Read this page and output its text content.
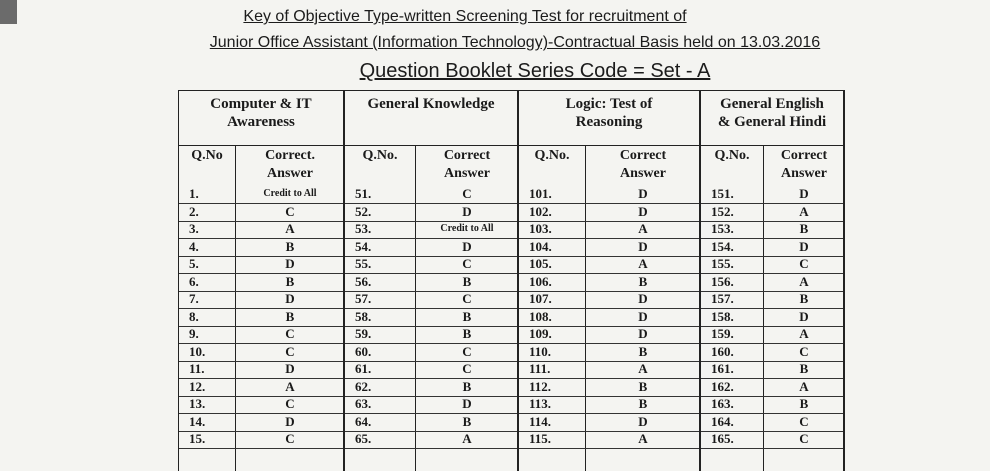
Key of Objective Type-written Screening Test for recruitment of
Junior Office Assistant (Information Technology)-Contractual Basis held on 13.03.2016
Question Booklet Series Code = Set - A
Computer & IT
Awareness
Q.No	Correct.
Answer
1.	Credit to All
2.	C
3.	A
4.	B
5.	D
6.	B
7.	D
8.	B
9.	C
10.	C
11.	D
12.	A
13.	C
14.	D
15.	C
General Knowledge
Q.No.	Correct
Answer
51.	C
52.	D
53.	Credit to All
54.	D
55.	C
56.	B
57.	C
58.	B
59.	B
60.	C
61.	C
62.	B
63.	D
64.	B
65.	A
Logic: Test of
Reasoning
Q.No.	Correct
Answer
101.	D
102.	D
103.	A
104.	D
105.	A
106.	B
107.	D
108.	D
109.	D
110.	B
111.	A
112.	B
113.	B
114.	D
115.	A
General English
& General Hindi
Q.No.	Correct
Answer
151.	D
152.	A
153.	B
154.	D
155.	C
156.	A
157.	B
158.	D
159.	A
160.	C
161.	B
162.	A
163.	B
164.	C
165.	C
